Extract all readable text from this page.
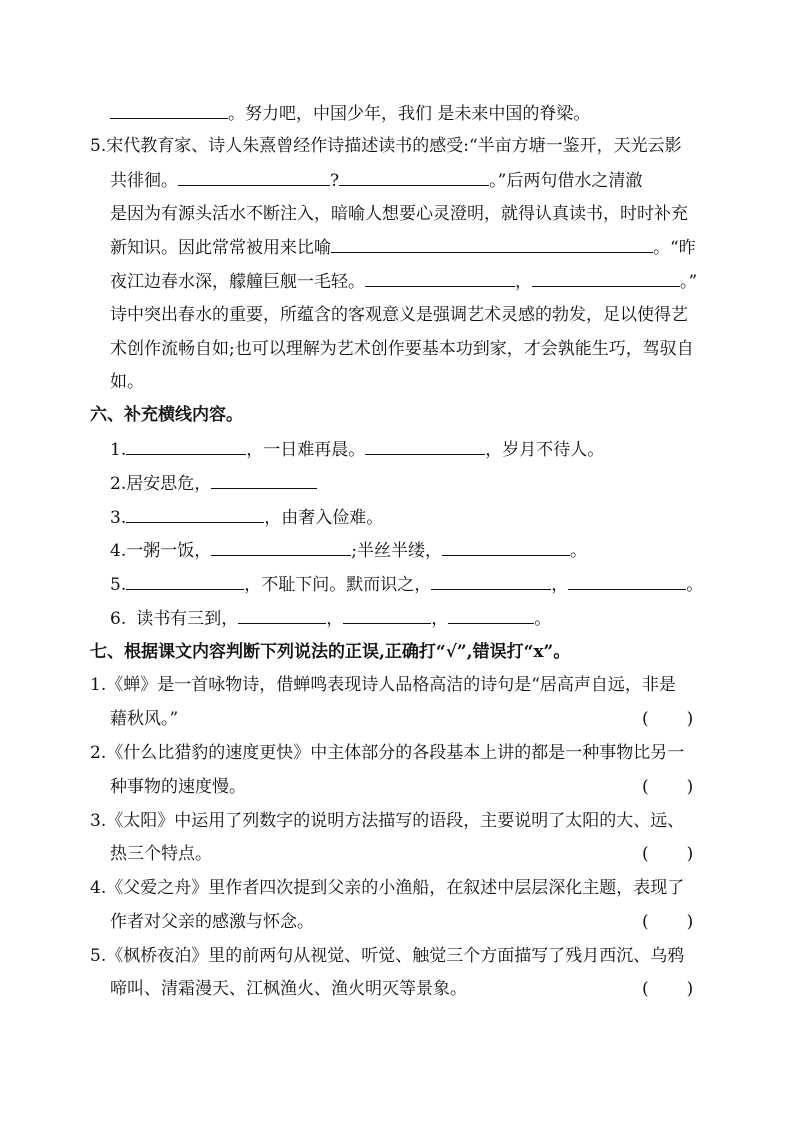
。努力吧，中国少年，我们 是未来中国的脊梁。
5.宋代教育家、诗人朱熹曾经作诗描述读书的感受:“半亩方塘一鉴开，天光云影
共徘徊。	?	。”后两句借水之清澈
是因为有源头活水不断注入，暗喻人想要心灵澄明，就得认真读书，时时补充
新知识。因此常常被用来比喻	。“昨
夜江边春水深，艨艟巨舰一毛轻。	，	。”
诗中突出春水的重要，所蕴含的客观意义是强调艺术灵感的勃发，足以使得艺
术创作流畅自如;也可以理解为艺术创作要基本功到家，才会孰能生巧，驾驭自
如。
六、补充横线内容。
1.	，一日难再晨。	，岁月不待人。
2.居安思危，
3.	，由奢入俭难。
4.一粥一饭，	;半丝半缕，	。
5.	，不耻下问。默而识之，	，	。
6. 读书有三到，	，	，	。
七、根据课文内容判断下列说法的正误,正确打“√”,错误打“x”。
1.《蝉》是一首咏物诗，借蝉鸣表现诗人品格高洁的诗句是“居高声自远，非是
藉秋风。”	( )
2.《什么比猎豹的速度更快》中主体部分的各段基本上讲的都是一种事物比另一
种事物的速度慢。	( )
3.《太阳》中运用了列数字的说明方法描写的语段，主要说明了太阳的大、远、
热三个特点。	( )
4.《父爱之舟》里作者四次提到父亲的小渔船，在叙述中层层深化主题，表现了
作者对父亲的感激与怀念。	( )
5.《枫桥夜泊》里的前两句从视觉、听觉、触觉三个方面描写了残月西沉、乌鸦
啼叫、清霜漫天、江枫渔火、渔火明灭等景象。	( )
